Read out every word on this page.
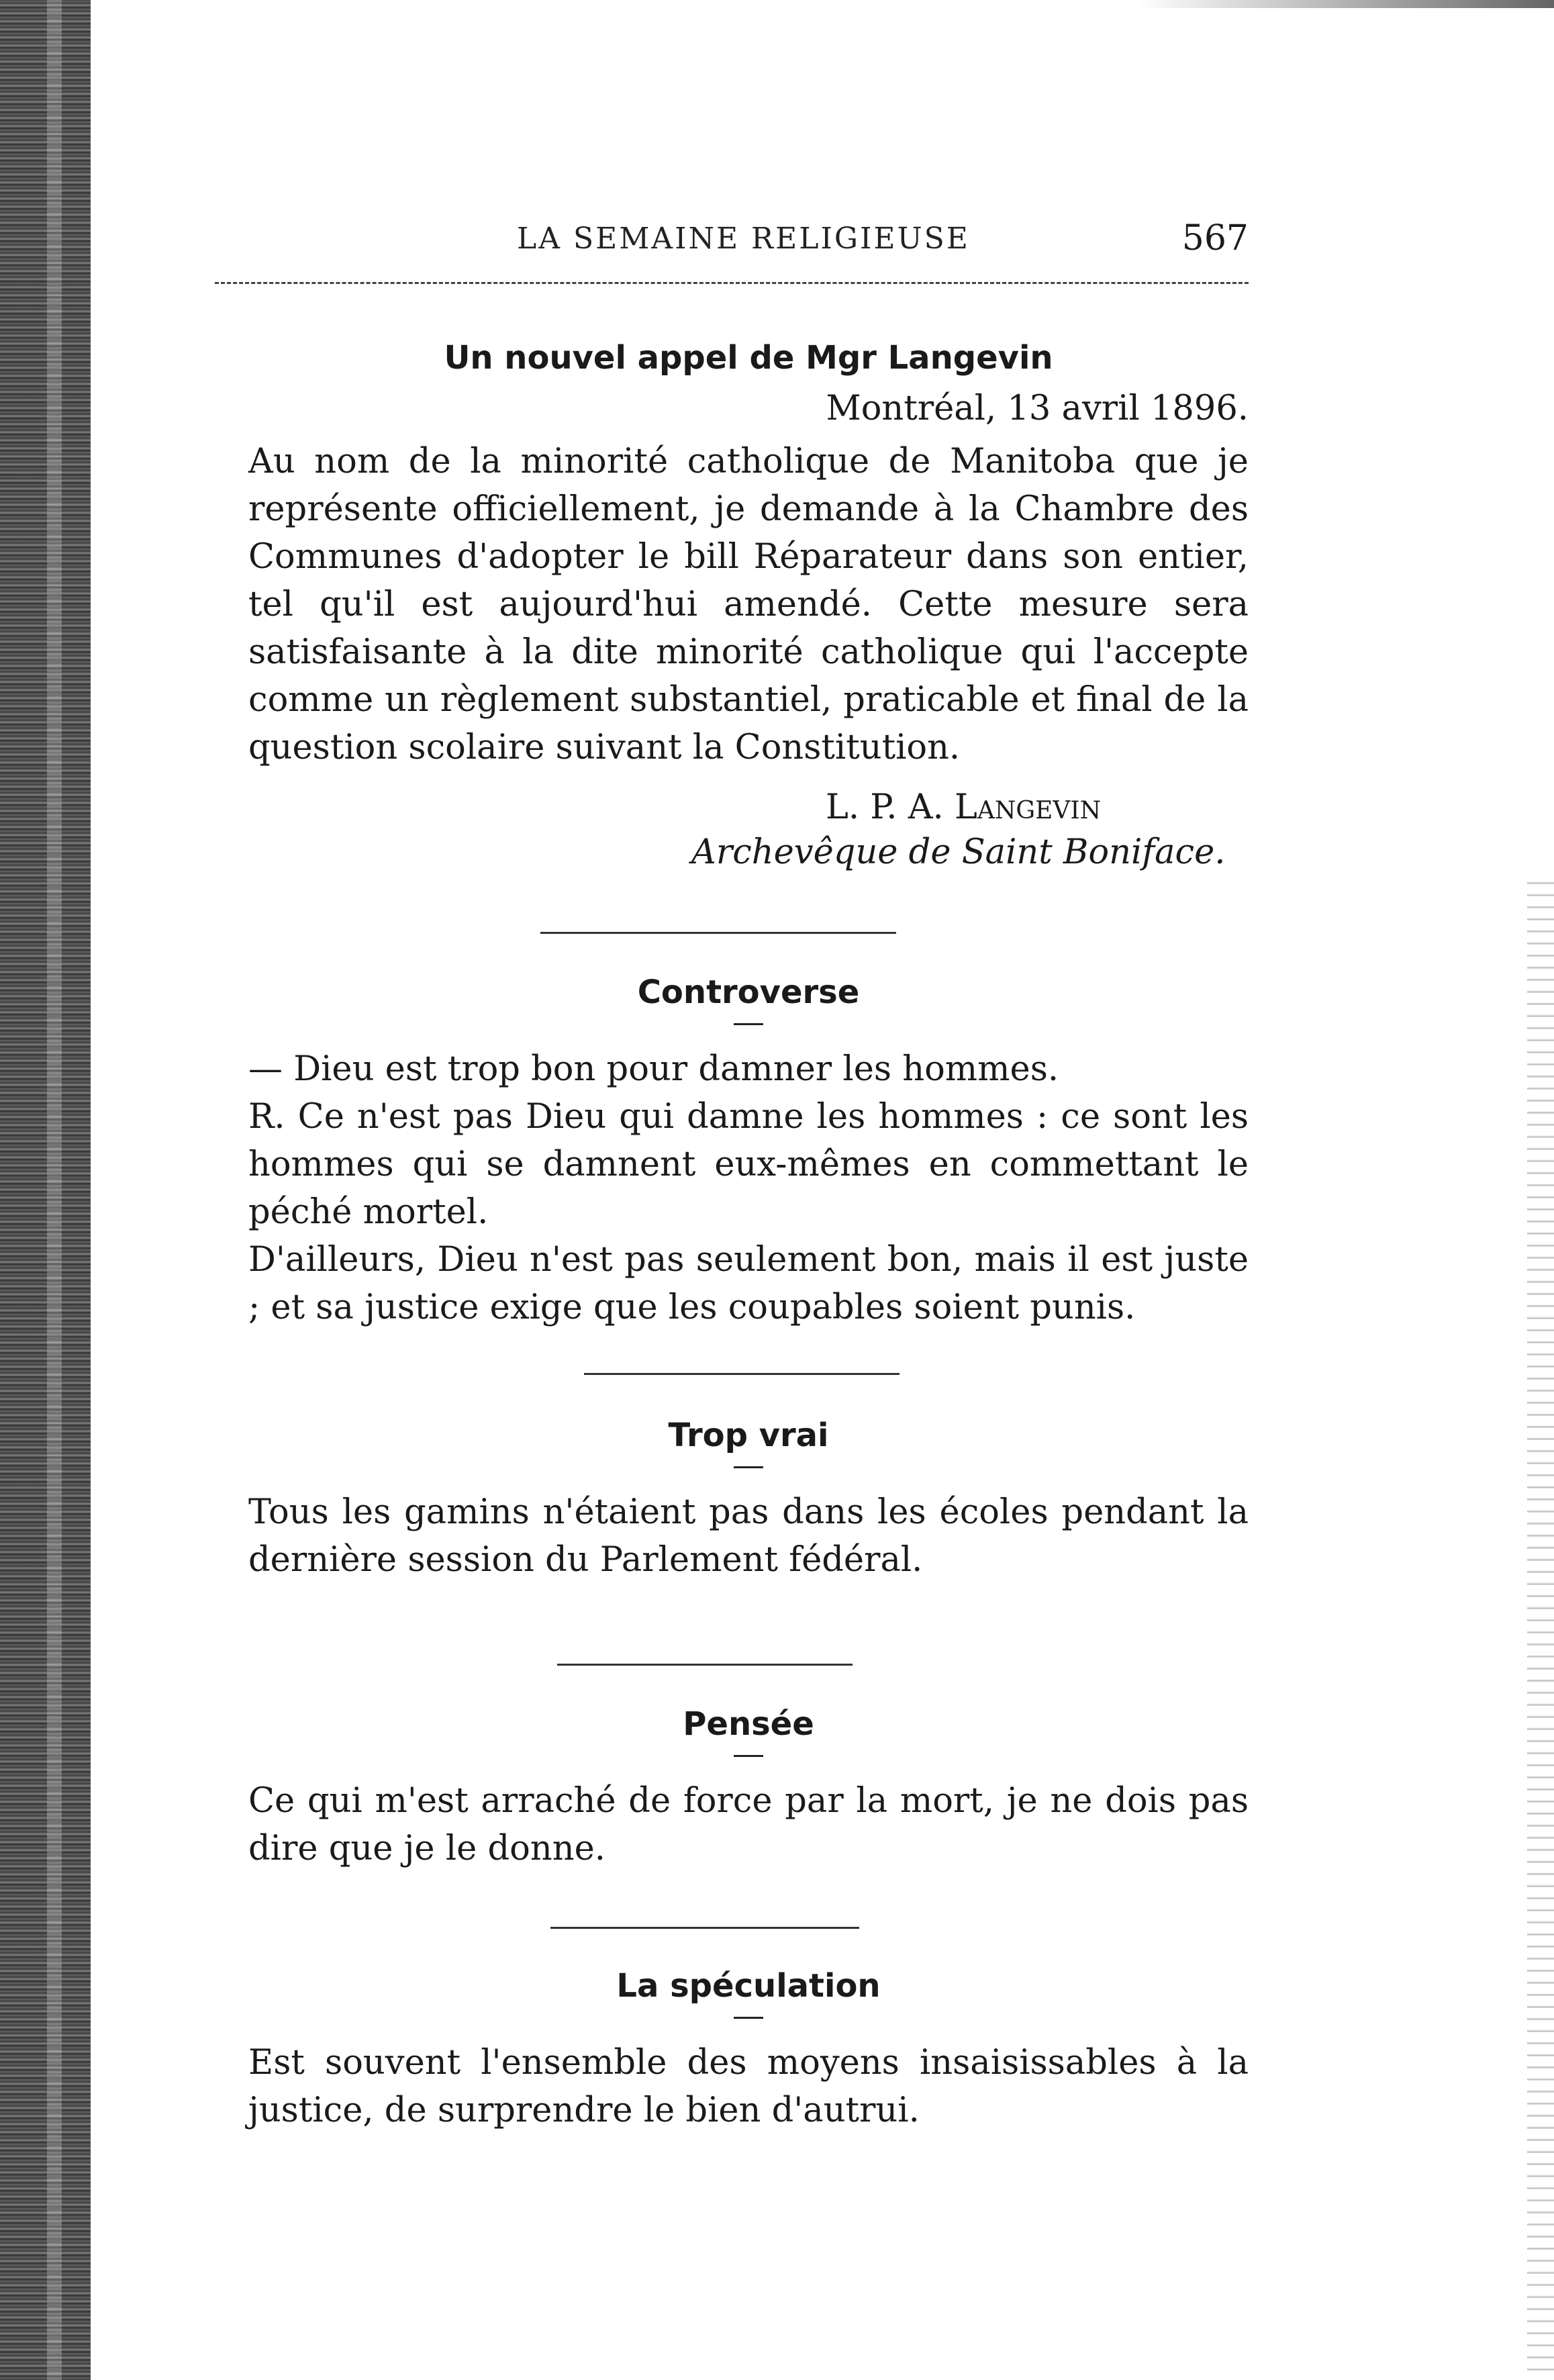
LA SEMAINE RELIGIEUSE	567
Un nouvel appel de Mgr Langevin
Montréal, 13 avril 1896.

Au nom de la minorité catholique de Manitoba que je représente officiellement, je demande à la Chambre des Communes d'adopter le bill Réparateur dans son entier, tel qu'il est aujourd'hui amendé. Cette mesure sera satisfaisante à la dite minorité catholique qui l'accepte comme un règlement substantiel, praticable et final de la question scolaire suivant la Constitution.

L. P. A. Langevin
Archevêque de Saint Boniface.
Controverse

— Dieu est trop bon pour damner les hommes.

R. Ce n'est pas Dieu qui damne les hommes : ce sont les hommes qui se damnent eux-mêmes en commettant le péché mortel.

D'ailleurs, Dieu n'est pas seulement bon, mais il est juste ; et sa justice exige que les coupables soient punis.

Trop vrai

Tous les gamins n'étaient pas dans les écoles pendant la dernière session du Parlement fédéral.

Pensée

Ce qui m'est arraché de force par la mort, je ne dois pas dire que je le donne.

La spéculation

Est souvent l'ensemble des moyens insaisissables à la justice, de surprendre le bien d'autrui.
